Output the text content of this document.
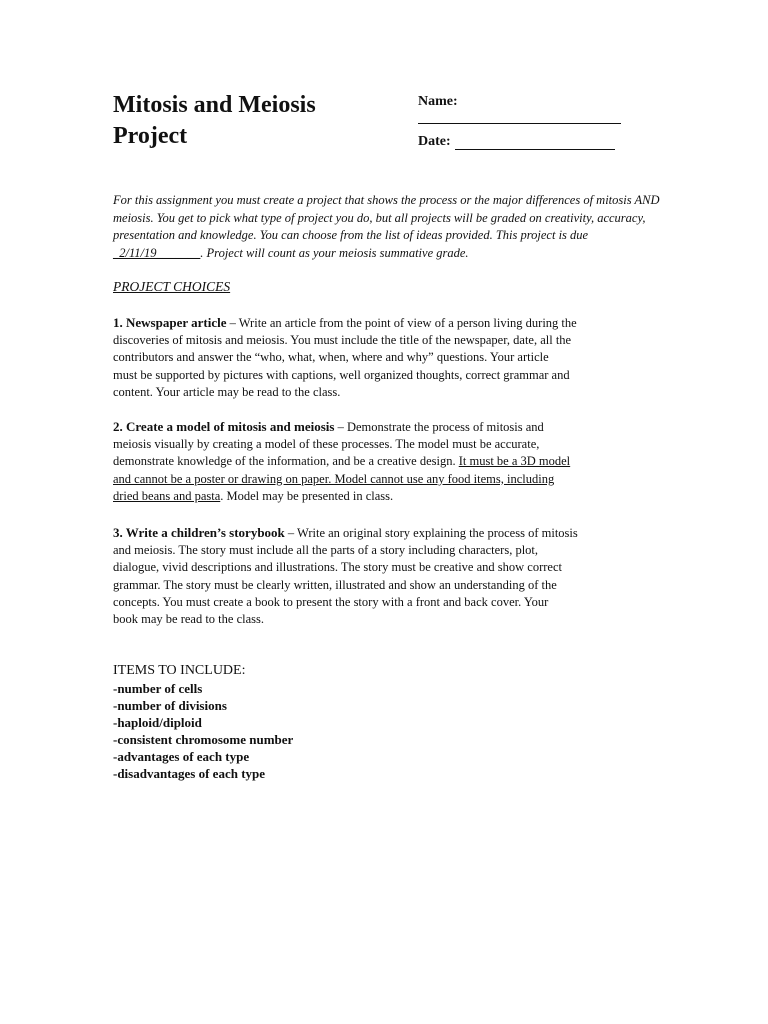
Mitosis and Meiosis
Project
Name:
Date:
For this assignment you must create a project that shows the process or the major differences of mitosis AND
meiosis. You get to pick what type of project you do, but all projects will be graded on creativity, accuracy,
presentation and knowledge. You can choose from the list of ideas provided. This project is due
_2/11/19_______. Project will count as your meiosis summative grade.
PROJECT CHOICES
1. Newspaper article – Write an article from the point of view of a person living during the
discoveries of mitosis and meiosis. You must include the title of the newspaper, date, all the
contributors and answer the “who, what, when, where and why” questions. Your article
must be supported by pictures with captions, well organized thoughts, correct grammar and
content. Your article may be read to the class.
2. Create a model of mitosis and meiosis – Demonstrate the process of mitosis and
meiosis visually by creating a model of these processes. The model must be accurate,
demonstrate knowledge of the information, and be a creative design. It must be a 3D model
and cannot be a poster or drawing on paper. Model cannot use any food items, including
dried beans and pasta. Model may be presented in class.
3. Write a children’s storybook – Write an original story explaining the process of mitosis
and meiosis. The story must include all the parts of a story including characters, plot,
dialogue, vivid descriptions and illustrations. The story must be creative and show correct
grammar. The story must be clearly written, illustrated and show an understanding of the
concepts. You must create a book to present the story with a front and back cover. Your
book may be read to the class.
ITEMS TO INCLUDE:
-number of cells
-number of divisions
-haploid/diploid
-consistent chromosome number
-advantages of each type
-disadvantages of each type
